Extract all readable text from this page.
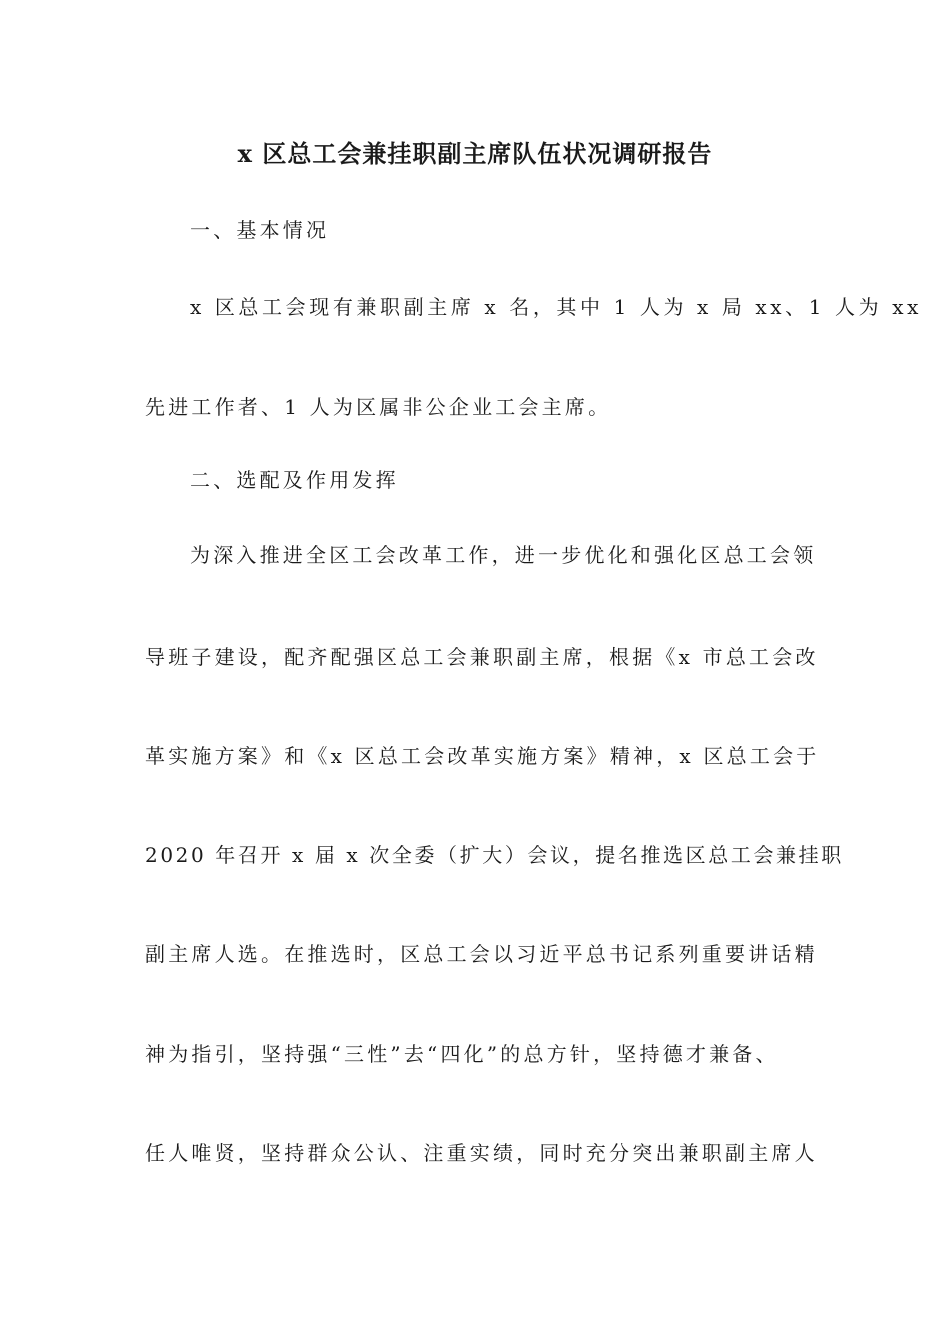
x 区总工会兼挂职副主席队伍状况调研报告
一、基本情况
x 区总工会现有兼职副主席 x 名，其中 1 人为 x 局 xx、1 人为 xx
先进工作者、1 人为区属非公企业工会主席。
二、选配及作用发挥
为深入推进全区工会改革工作，进一步优化和强化区总工会领
导班子建设，配齐配强区总工会兼职副主席，根据《x 市总工会改
革实施方案》和《x 区总工会改革实施方案》精神，x 区总工会于
2020 年召开 x 届 x 次全委（扩大）会议，提名推选区总工会兼挂职
副主席人选。在推选时，区总工会以习近平总书记系列重要讲话精
神为指引，坚持强“三性”去“四化”的总方针，坚持德才兼备、
任人唯贤，坚持群众公认、注重实绩，同时充分突出兼职副主席人
